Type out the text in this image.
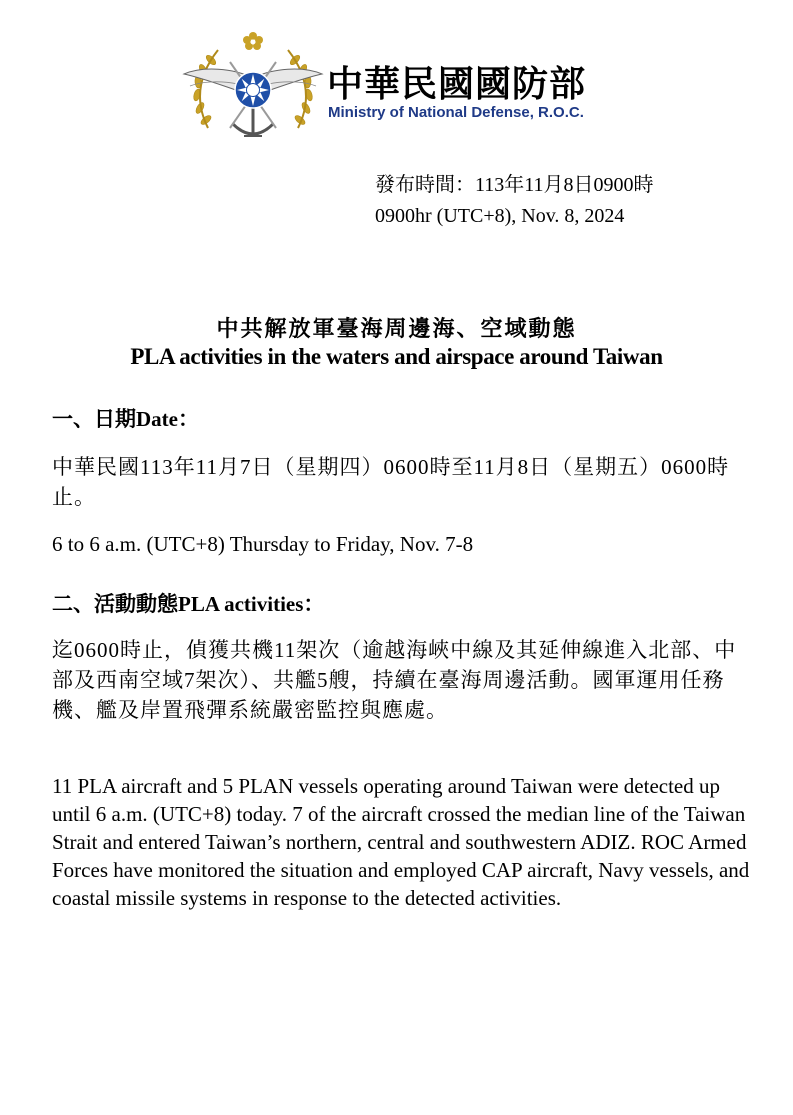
中華民國國防部
Ministry of National Defense, R.O.C.
發布時間：113年11月8日0900時
0900hr (UTC+8), Nov. 8, 2024
中共解放軍臺海周邊海、空域動態
PLA activities in the waters and airspace around Taiwan
一、日期Date：
中華民國113年11月7日（星期四）0600時至11月8日（星期五）0600時止。
6 to 6 a.m. (UTC+8) Thursday to Friday, Nov. 7-8
二、活動動態PLA activities：
迄0600時止，偵獲共機11架次（逾越海峽中線及其延伸線進入北部、中部及西南空域7架次）、共艦5艘，持續在臺海周邊活動。國軍運用任務機、艦及岸置飛彈系統嚴密監控與應處。
11 PLA aircraft and 5 PLAN vessels operating around Taiwan were detected up until 6 a.m. (UTC+8) today. 7 of the aircraft crossed the median line of the Taiwan Strait and entered Taiwan’s northern, central and southwestern ADIZ. ROC Armed Forces have monitored the situation and employed CAP aircraft, Navy vessels, and coastal missile systems in response to the detected activities.
